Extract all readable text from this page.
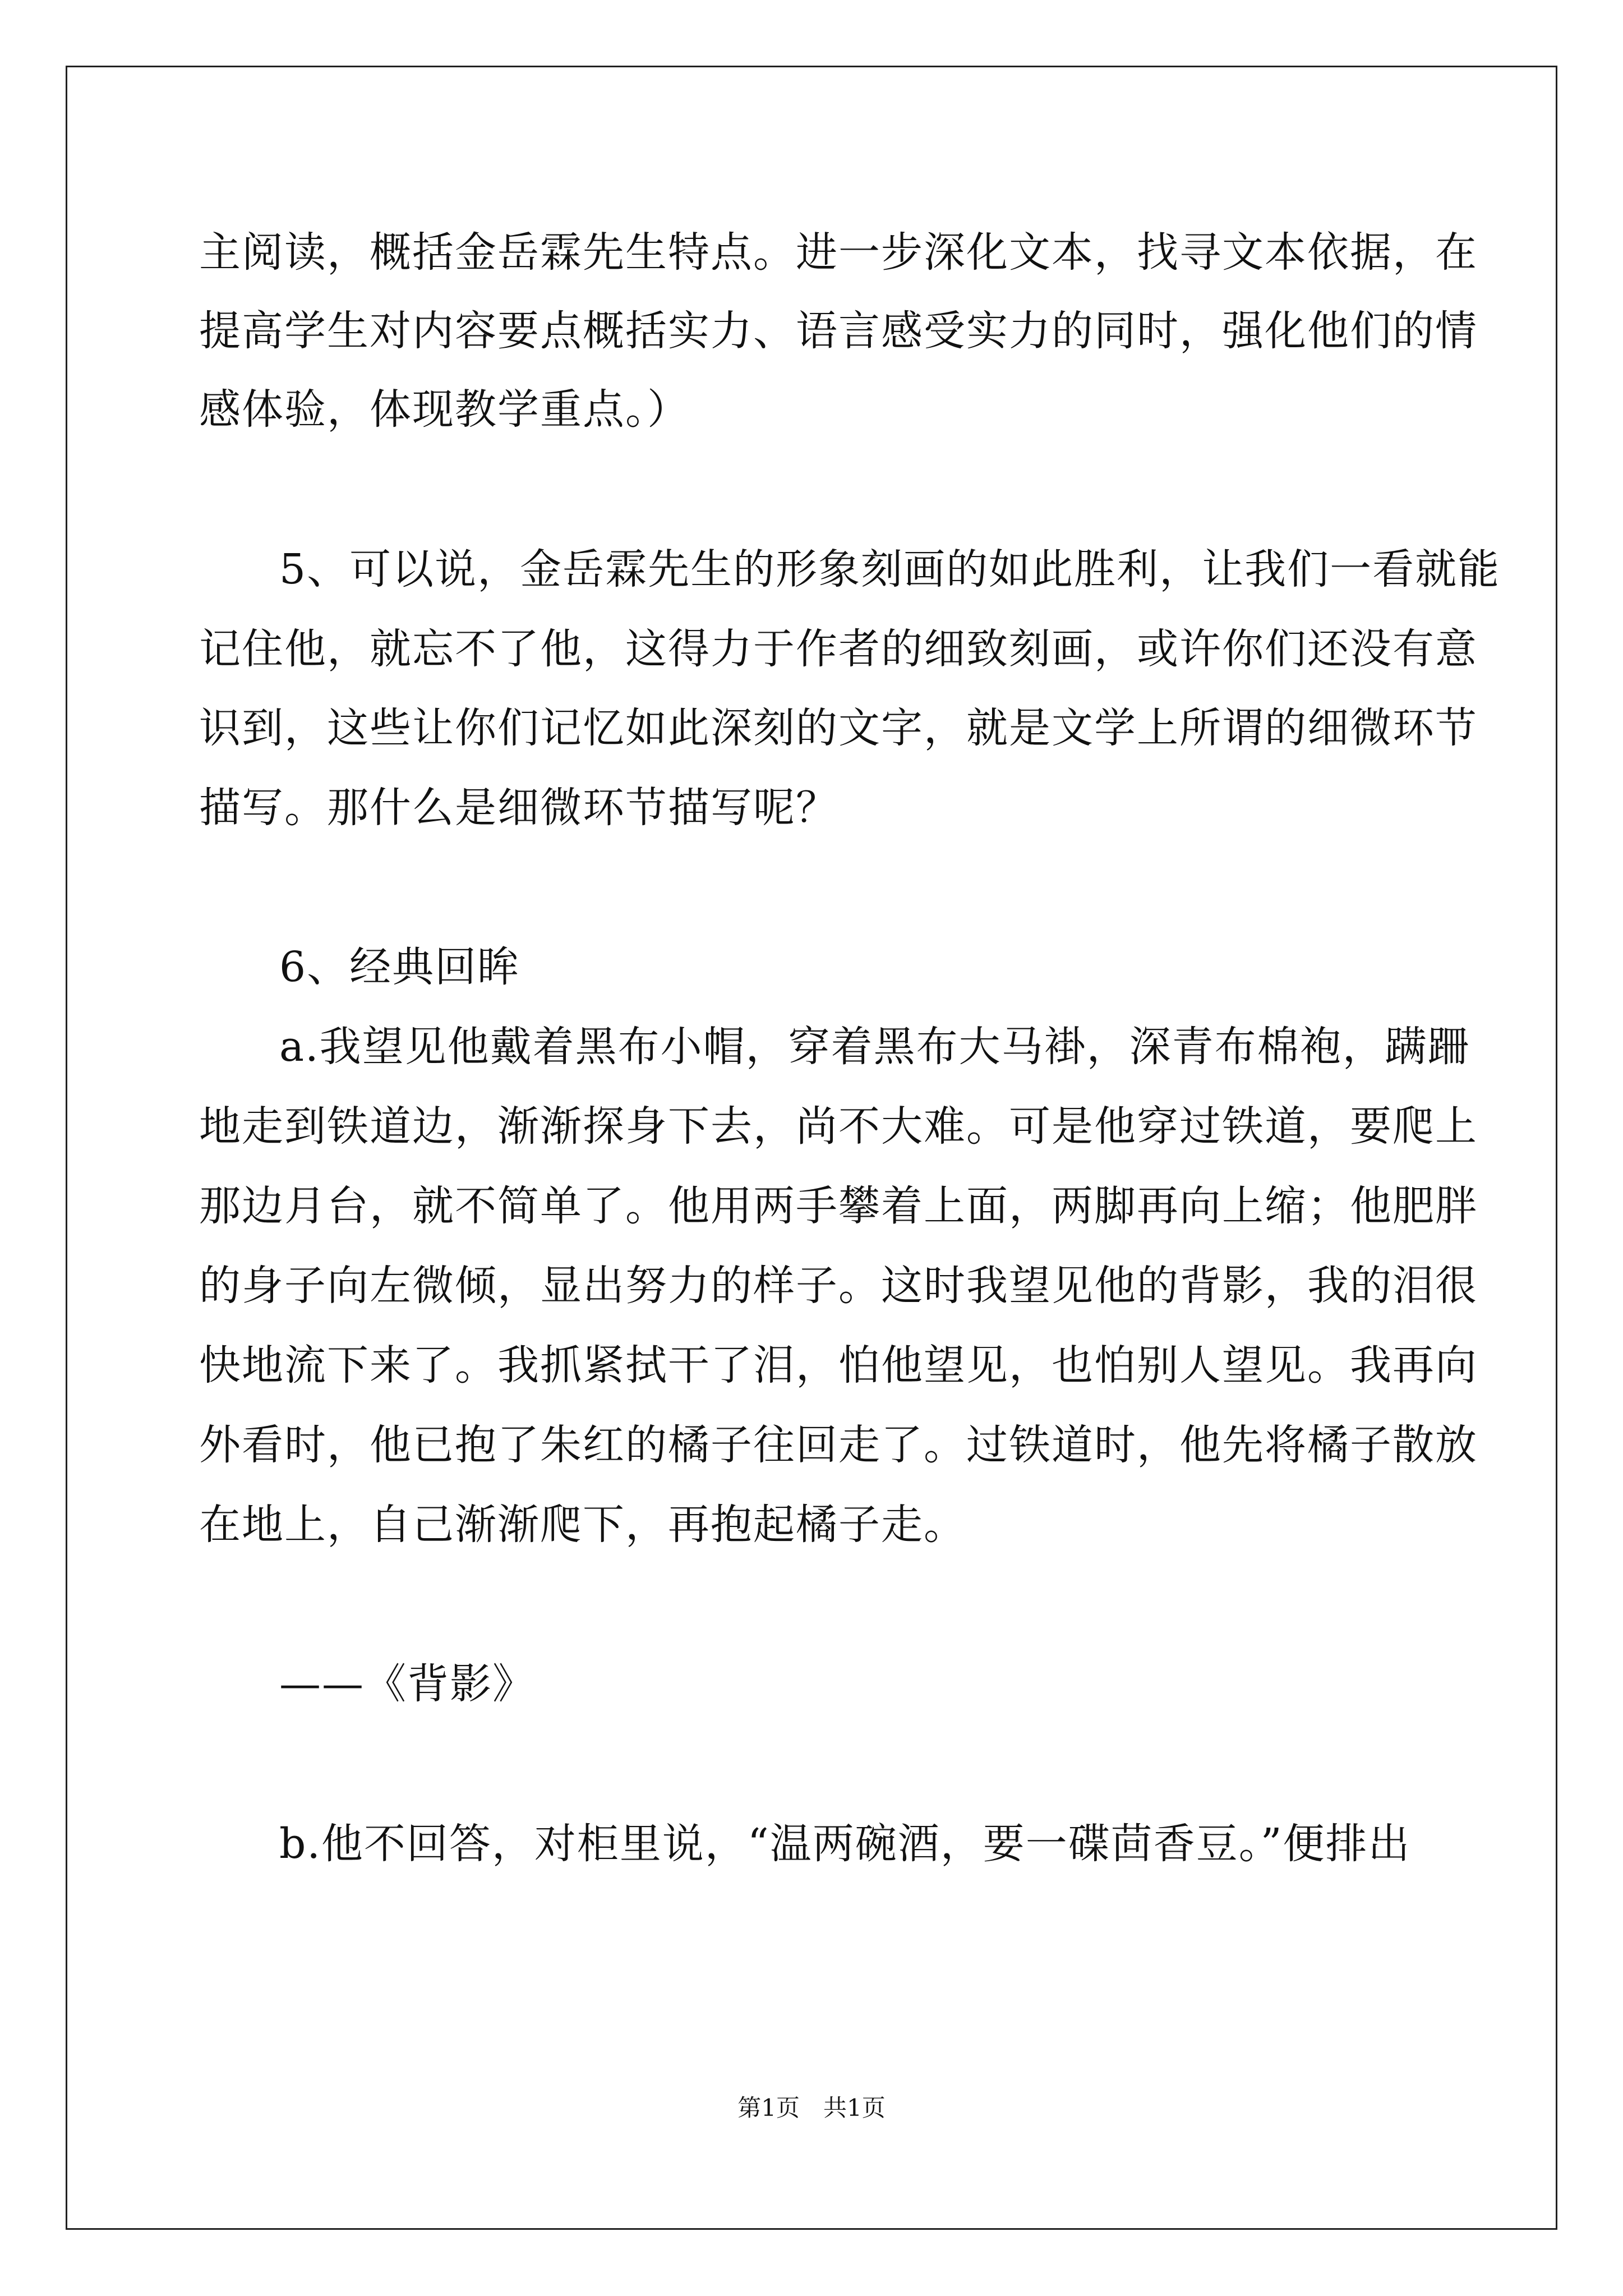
主阅读，概括金岳霖先生特点。进一步深化文本，找寻文本依据，在
提高学生对内容要点概括实力、语言感受实力的同时，强化他们的情
感体验，体现教学重点。）
5、可以说，金岳霖先生的形象刻画的如此胜利，让我们一看就能
记住他，就忘不了他，这得力于作者的细致刻画，或许你们还没有意
识到，这些让你们记忆如此深刻的文字，就是文学上所谓的细微环节
描写。那什么是细微环节描写呢？
6、经典回眸
a.我望见他戴着黑布小帽，穿着黑布大马褂，深青布棉袍，蹒跚
地走到铁道边，渐渐探身下去，尚不大难。可是他穿过铁道，要爬上
那边月台，就不简单了。他用两手攀着上面，两脚再向上缩；他肥胖
的身子向左微倾，显出努力的样子。这时我望见他的背影，我的泪很
快地流下来了。我抓紧拭干了泪，怕他望见，也怕别人望见。我再向
外看时，他已抱了朱红的橘子往回走了。过铁道时，他先将橘子散放
在地上，自己渐渐爬下，再抱起橘子走。
——《背影》
b.他不回答，对柜里说，“温两碗酒，要一碟茴香豆。”便排出
第1页　共1页
